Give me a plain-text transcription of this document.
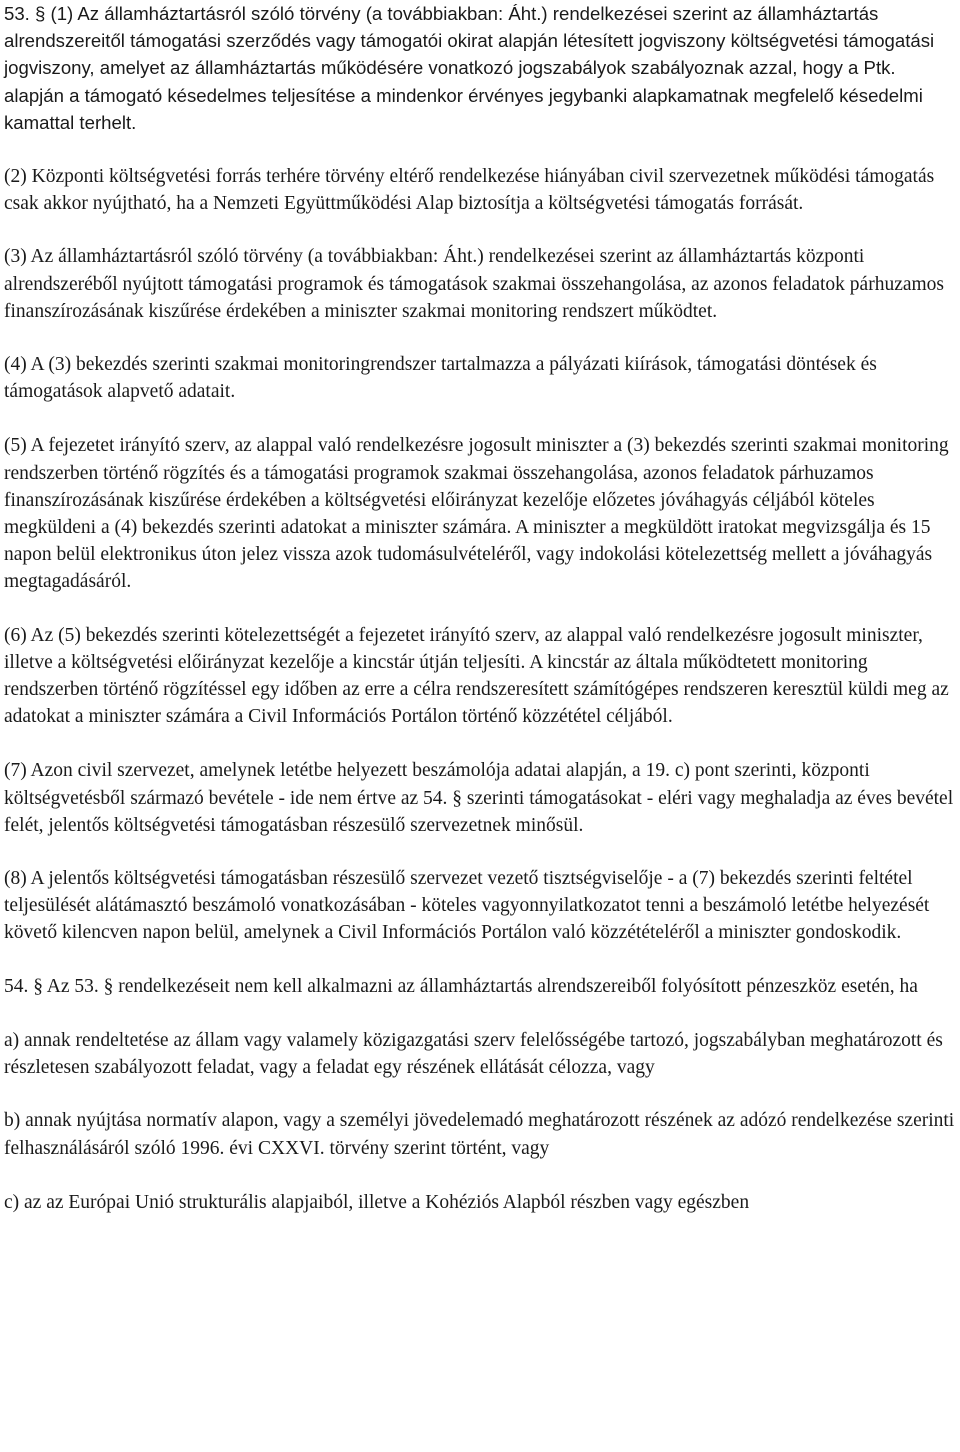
53. § (1) Az államháztartásról szóló törvény (a továbbiakban: Áht.) rendelkezései szerint az államháztartás alrendszereitől támogatási szerződés vagy támogatói okirat alapján létesített jogviszony költségvetési támogatási jogviszony, amelyet az államháztartás működésére vonatkozó jogszabályok szabályoznak azzal, hogy a Ptk. alapján a támogató késedelmes teljesítése a mindenkor érvényes jegybanki alapkamatnak megfelelő késedelmi kamattal terhelt.

(2) Központi költségvetési forrás terhére törvény eltérő rendelkezése hiányában civil szervezetnek működési támogatás csak akkor nyújtható, ha a Nemzeti Együttműködési Alap biztosítja a költségvetési támogatás forrását.

(3) Az államháztartásról szóló törvény (a továbbiakban: Áht.) rendelkezései szerint az államháztartás központi alrendszeréből nyújtott támogatási programok és támogatások szakmai összehangolása, az azonos feladatok párhuzamos finanszírozásának kiszűrése érdekében a miniszter szakmai monitoring rendszert működtet.

(4) A (3) bekezdés szerinti szakmai monitoringrendszer tartalmazza a pályázati kiírások, támogatási döntések és támogatások alapvető adatait.

(5) A fejezetet irányító szerv, az alappal való rendelkezésre jogosult miniszter a (3) bekezdés szerinti szakmai monitoring rendszerben történő rögzítés és a támogatási programok szakmai összehangolása, azonos feladatok párhuzamos finanszírozásának kiszűrése érdekében a költségvetési előirányzat kezelője előzetes jóváhagyás céljából köteles megküldeni a (4) bekezdés szerinti adatokat a miniszter számára. A miniszter a megküldött iratokat megvizsgálja és 15 napon belül elektronikus úton jelez vissza azok tudomásulvételéről, vagy indokolási kötelezettség mellett a jóváhagyás megtagadásáról.

(6) Az (5) bekezdés szerinti kötelezettségét a fejezetet irányító szerv, az alappal való rendelkezésre jogosult miniszter, illetve a költségvetési előirányzat kezelője a kincstár útján teljesíti. A kincstár az általa működtetett monitoring rendszerben történő rögzítéssel egy időben az erre a célra rendszeresített számítógépes rendszeren keresztül küldi meg az adatokat a miniszter számára a Civil Információs Portálon történő közzététel céljából.

(7) Azon civil szervezet, amelynek letétbe helyezett beszámolója adatai alapján, a 19. c) pont szerinti, központi költségvetésből származó bevétele - ide nem értve az 54. § szerinti támogatásokat - eléri vagy meghaladja az éves bevétel felét, jelentős költségvetési támogatásban részesülő szervezetnek minősül.

(8) A jelentős költségvetési támogatásban részesülő szervezet vezető tisztségviselője - a (7) bekezdés szerinti feltétel teljesülését alátámasztó beszámoló vonatkozásában - köteles vagyonnyilatkozatot tenni a beszámoló letétbe helyezését követő kilencven napon belül, amelynek a Civil Információs Portálon való közzétételéről a miniszter gondoskodik.

54. § Az 53. § rendelkezéseit nem kell alkalmazni az államháztartás alrendszereiből folyósított pénzeszköz esetén, ha

a) annak rendeltetése az állam vagy valamely közigazgatási szerv felelősségébe tartozó, jogszabályban meghatározott és részletesen szabályozott feladat, vagy a feladat egy részének ellátását célozza, vagy

b) annak nyújtása normatív alapon, vagy a személyi jövedelemadó meghatározott részének az adózó rendelkezése szerinti felhasználásáról szóló 1996. évi CXXVI. törvény szerint történt, vagy

c) az az Európai Unió strukturális alapjaiból, illetve a Kohéziós Alapból részben vagy egészben
